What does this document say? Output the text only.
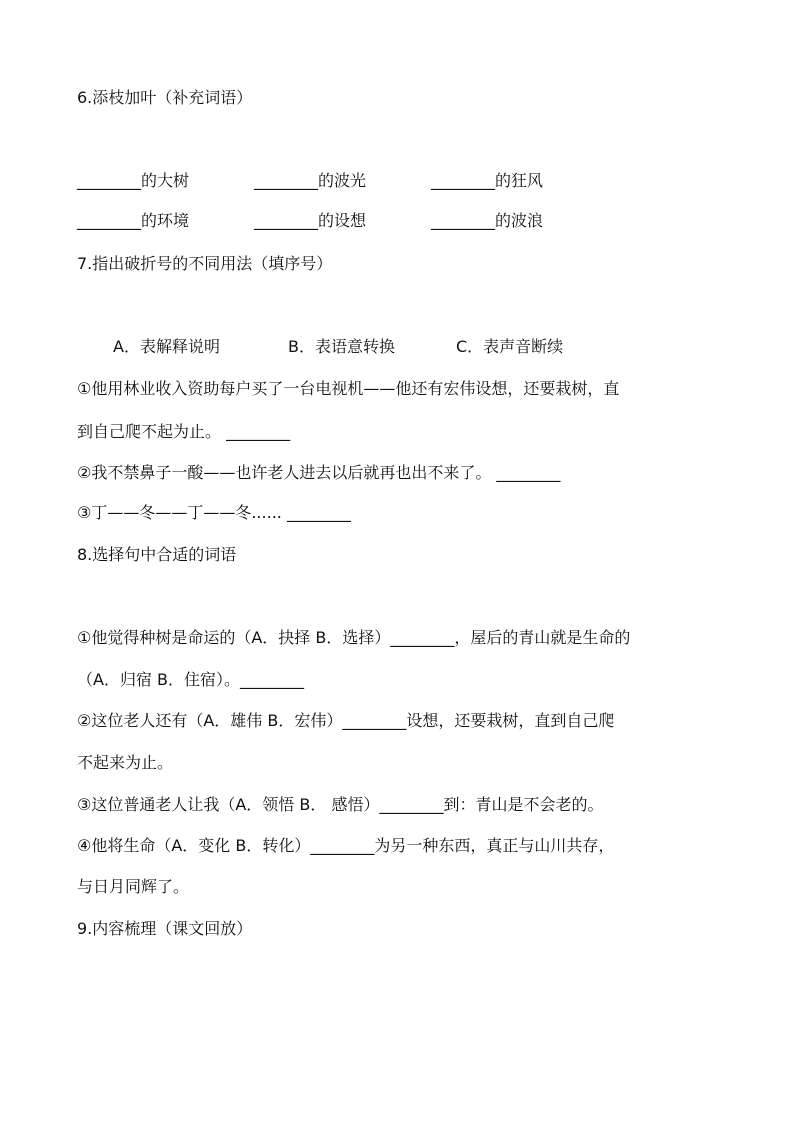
6.添枝加叶（补充词语）
________的大树	________的波光	________的狂风
________的环境	________的设想	________的波浪
7.指出破折号的不同用法（填序号）
A．表解释说明	B．表语意转换	C．表声音断续
①他用林业收入资助每户买了一台电视机——他还有宏伟设想，还要栽树，直
到自己爬不起为止。 ________
②我不禁鼻子一酸——也许老人进去以后就再也出不来了。 ________
③丁——冬——丁——冬...... ________
8.选择句中合适的词语
①他觉得种树是命运的（A．抉择 B．选择）________，屋后的青山就是生命的
（A．归宿 B．住宿）。________
②这位老人还有（A．雄伟 B．宏伟）________设想，还要栽树，直到自己爬
不起来为止。
③这位普通老人让我（A．领悟 B． 感悟）________到：青山是不会老的。
④他将生命（A．变化 B．转化）________为另一种东西，真正与山川共存，
与日月同辉了。
9.内容梳理（课文回放）
